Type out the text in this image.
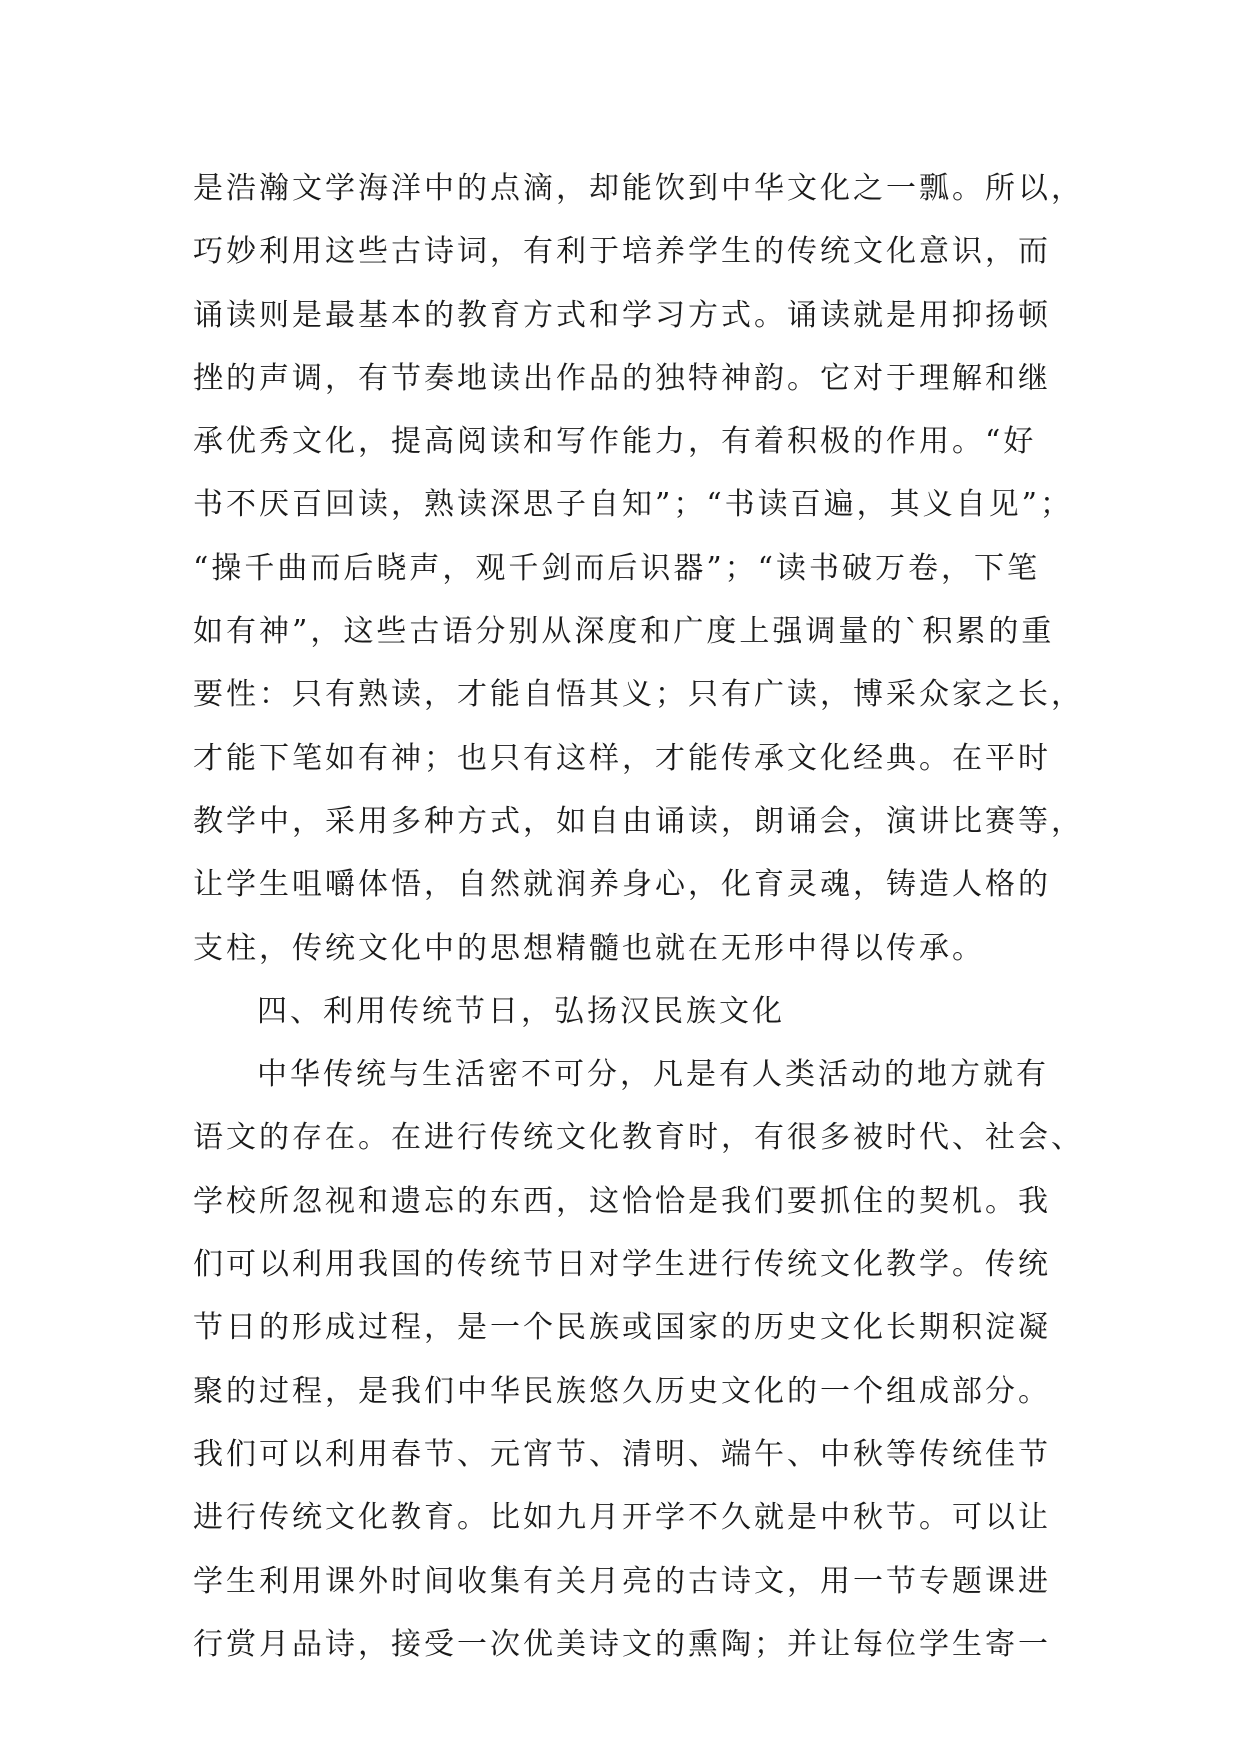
是浩瀚文学海洋中的点滴，却能饮到中华文化之一瓢。所以，
巧妙利用这些古诗词，有利于培养学生的传统文化意识，而
诵读则是最基本的教育方式和学习方式。诵读就是用抑扬顿
挫的声调，有节奏地读出作品的独特神韵。它对于理解和继
承优秀文化，提高阅读和写作能力，有着积极的作用。“好
书不厌百回读，熟读深思子自知”；“书读百遍，其义自见”；
“操千曲而后晓声，观千剑而后识器”；“读书破万卷，下笔
如有神”，这些古语分别从深度和广度上强调量的`积累的重
要性：只有熟读，才能自悟其义；只有广读，博采众家之长，
才能下笔如有神；也只有这样，才能传承文化经典。在平时
教学中，采用多种方式，如自由诵读，朗诵会，演讲比赛等，
让学生咀嚼体悟，自然就润养身心，化育灵魂，铸造人格的
支柱，传统文化中的思想精髓也就在无形中得以传承。
四、利用传统节日，弘扬汉民族文化
中华传统与生活密不可分，凡是有人类活动的地方就有
语文的存在。在进行传统文化教育时，有很多被时代、社会、
学校所忽视和遗忘的东西，这恰恰是我们要抓住的契机。我
们可以利用我国的传统节日对学生进行传统文化教学。传统
节日的形成过程，是一个民族或国家的历史文化长期积淀凝
聚的过程，是我们中华民族悠久历史文化的一个组成部分。
我们可以利用春节、元宵节、清明、端午、中秋等传统佳节
进行传统文化教育。比如九月开学不久就是中秋节。可以让
学生利用课外时间收集有关月亮的古诗文，用一节专题课进
行赏月品诗，接受一次优美诗文的熏陶；并让每位学生寄一
